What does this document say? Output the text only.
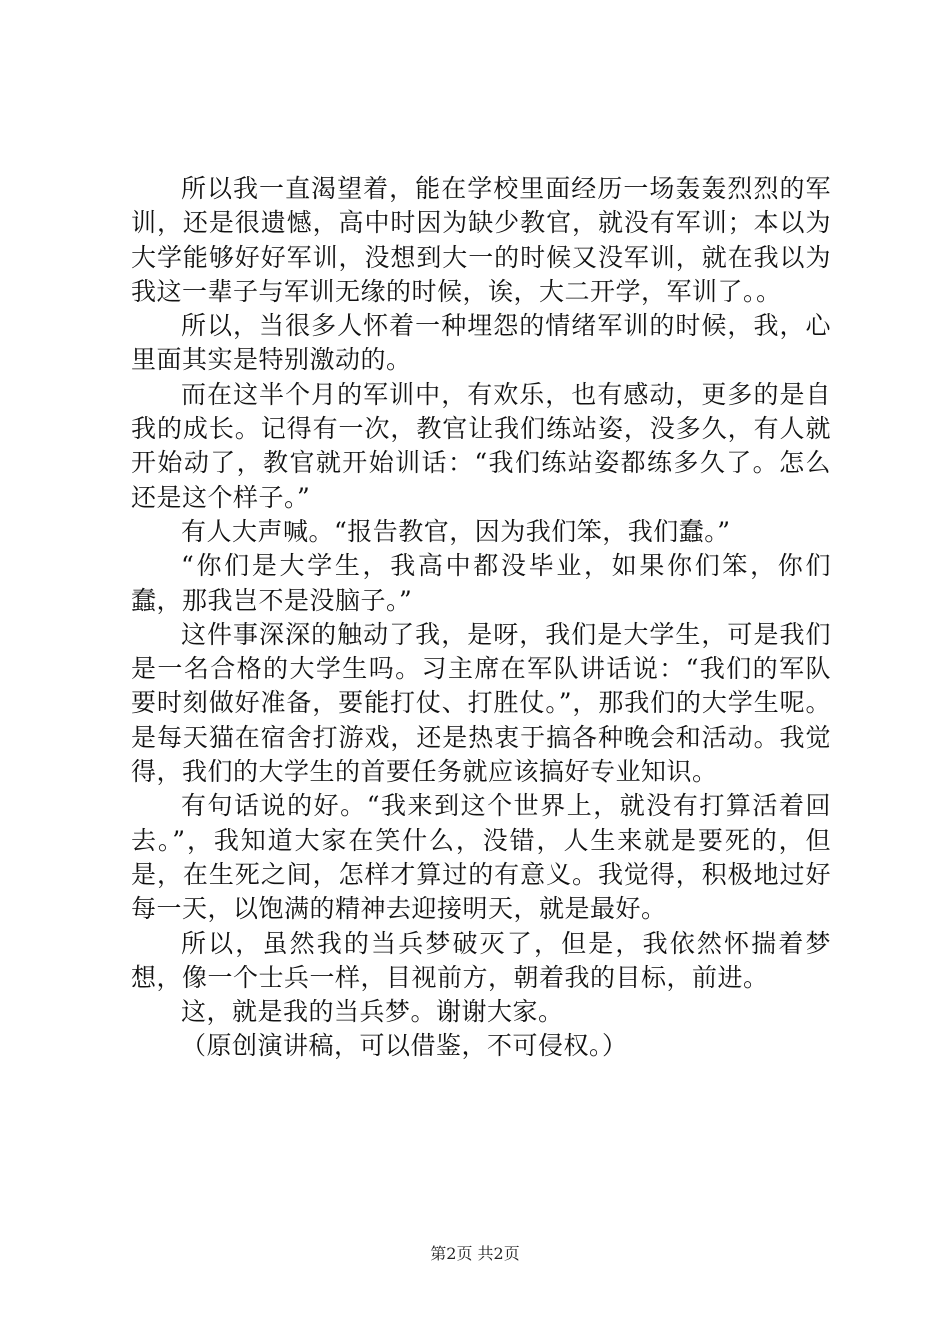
所以我一直渴望着，能在学校里面经历一场轰轰烈烈的军训，还是很遗憾，高中时因为缺少教官，就没有军训；本以为大学能够好好军训，没想到大一的时候又没军训，就在我以为我这一辈子与军训无缘的时候，诶，大二开学，军训了。。

所以，当很多人怀着一种埋怨的情绪军训的时候，我，心里面其实是特别激动的。

而在这半个月的军训中，有欢乐，也有感动，更多的是自我的成长。记得有一次，教官让我们练站姿，没多久，有人就开始动了，教官就开始训话：“我们练站姿都练多久了。怎么还是这个样子。”

有人大声喊。“报告教官，因为我们笨，我们蠢。”

“你们是大学生，我高中都没毕业，如果你们笨，你们蠢，那我岂不是没脑子。”

这件事深深的触动了我，是呀，我们是大学生，可是我们是一名合格的大学生吗。习主席在军队讲话说：“我们的军队要时刻做好准备，要能打仗、打胜仗。”，那我们的大学生呢。是每天猫在宿舍打游戏，还是热衷于搞各种晚会和活动。我觉得，我们的大学生的首要任务就应该搞好专业知识。

有句话说的好。“我来到这个世界上，就没有打算活着回去。”，我知道大家在笑什么，没错，人生来就是要死的，但是，在生死之间，怎样才算过的有意义。我觉得，积极地过好每一天，以饱满的精神去迎接明天，就是最好。

所以，虽然我的当兵梦破灭了，但是，我依然怀揣着梦想，像一个士兵一样，目视前方，朝着我的目标，前进。

这，就是我的当兵梦。谢谢大家。

（原创演讲稿，可以借鉴，不可侵权。）

第2页 共2页
